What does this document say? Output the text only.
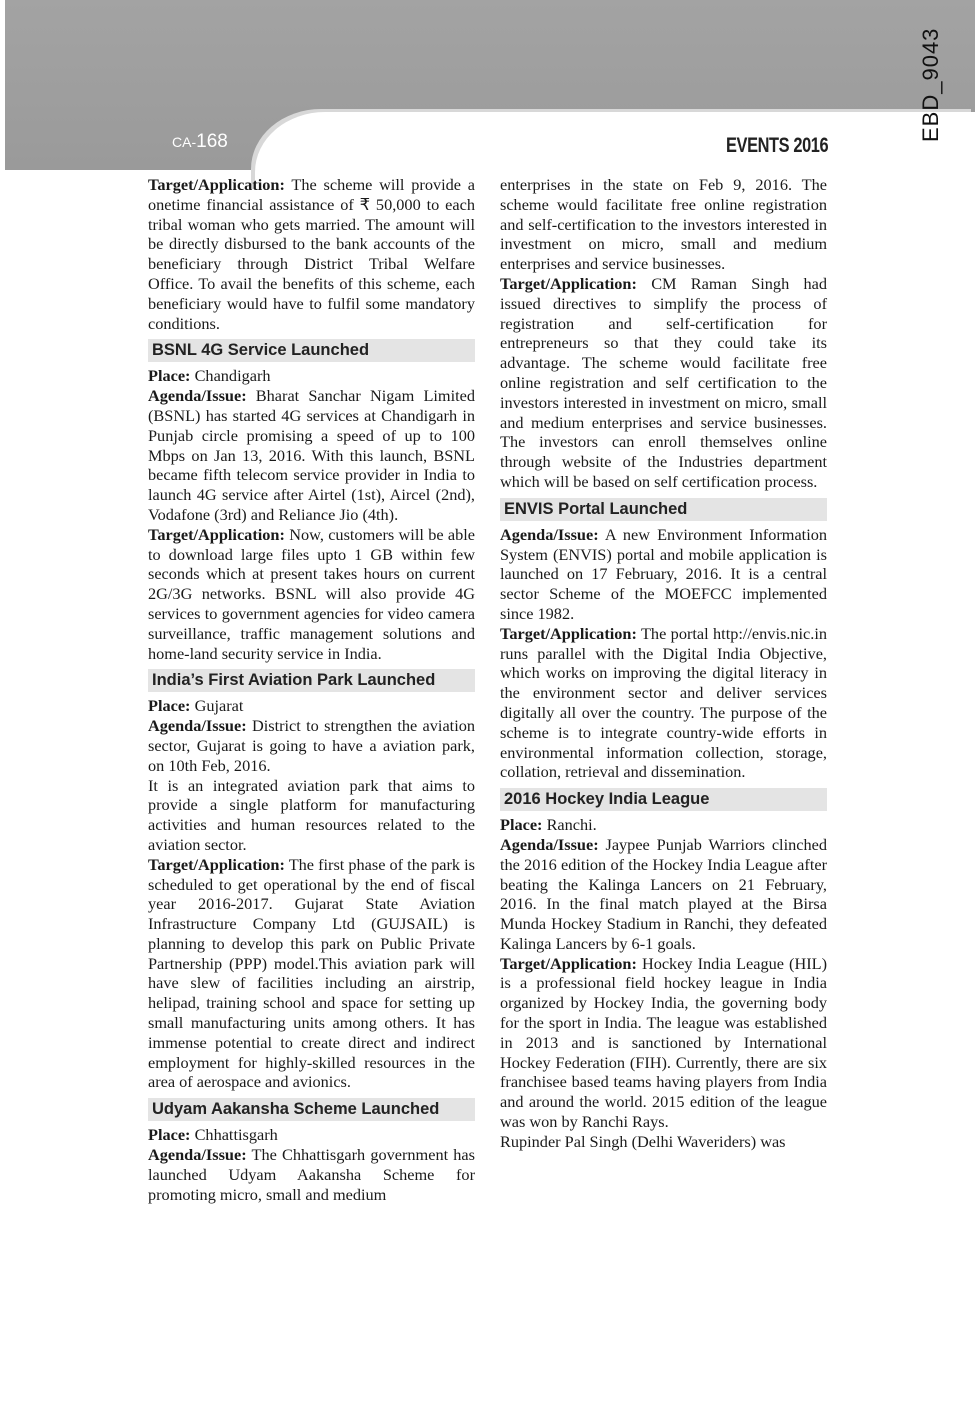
CA-168	EVENTS 2016
EBD_9043
Target/Application: The scheme will provide a onetime financial assistance of ₹ 50,000 to each tribal woman who gets married. The amount will be directly disbursed to the bank accounts of the beneficiary through District Tribal Welfare Office. To avail the benefits of this scheme, each beneficiary would have to fulfil some mandatory conditions.
BSNL 4G Service Launched
Place: Chandigarh
Agenda/Issue: Bharat Sanchar Nigam Limited (BSNL) has started 4G services at Chandigarh in Punjab circle promising a speed of up to 100 Mbps on Jan 13, 2016. With this launch, BSNL became fifth telecom service provider in India to launch 4G service after Airtel (1st), Aircel (2nd), Vodafone (3rd) and Reliance Jio (4th).
Target/Application: Now, customers will be able to download large files upto 1 GB within few seconds which at present takes hours on current 2G/3G networks. BSNL will also provide 4G services to government agencies for video camera surveillance, traffic management solutions and home-land security service in India.
India’s First Aviation Park Launched
Place: Gujarat
Agenda/Issue: District to strengthen the aviation sector, Gujarat is going to have a aviation park, on 10th Feb, 2016.
It is an integrated aviation park that aims to provide a single platform for manufacturing activities and human resources related to the aviation sector.
Target/Application: The first phase of the park is scheduled to get operational by the end of fiscal year 2016-2017. Gujarat State Aviation Infrastructure Company Ltd (GUJSAIL) is planning to develop this park on Public Private Partnership (PPP) model.This aviation park will have slew of facilities including an airstrip, helipad, training school and space for setting up small manufacturing units among others. It has immense potential to create direct and indirect employment for highly-skilled resources in the area of aerospace and avionics.
Udyam Aakansha Scheme Launched
Place: Chhattisgarh
Agenda/Issue: The Chhattisgarh government has launched Udyam Aakansha Scheme for promoting micro, small and medium
enterprises in the state on Feb 9, 2016. The scheme would facilitate free online registration and self-certification to the investors interested in investment on micro, small and medium enterprises and service businesses.
Target/Application: CM Raman Singh had issued directives to simplify the process of registration and self-certification for entrepreneurs so that they could take its advantage. The scheme would facilitate free online registration and self certification to the investors interested in investment on micro, small and medium enterprises and service businesses. The investors can enroll themselves online through website of the Industries department which will be based on self certification process.
ENVIS Portal Launched
Agenda/Issue: A new Environment Information System (ENVIS) portal and mobile application is launched on 17 February, 2016. It is a central sector Scheme of the MOEFCC implemented since 1982.
Target/Application: The portal http://envis.nic.in runs parallel with the Digital India Objective, which works on improving the digital literacy in the environment sector and deliver services digitally all over the country. The purpose of the scheme is to integrate country-wide efforts in environmental information collection, storage, collation, retrieval and dissemination.
2016 Hockey India League
Place: Ranchi.
Agenda/Issue: Jaypee Punjab Warriors clinched the 2016 edition of the Hockey India League after beating the Kalinga Lancers on 21 February, 2016. In the final match played at the Birsa Munda Hockey Stadium in Ranchi, they defeated Kalinga Lancers by 6-1 goals.
Target/Application: Hockey India League (HIL) is a professional field hockey league in India organized by Hockey India, the governing body for the sport in India. The league was established in 2013 and is sanctioned by International Hockey Federation (FIH). Currently, there are six franchisee based teams having players from India and around the world. 2015 edition of the league was won by Ranchi Rays.
Rupinder Pal Singh (Delhi Waveriders) was
